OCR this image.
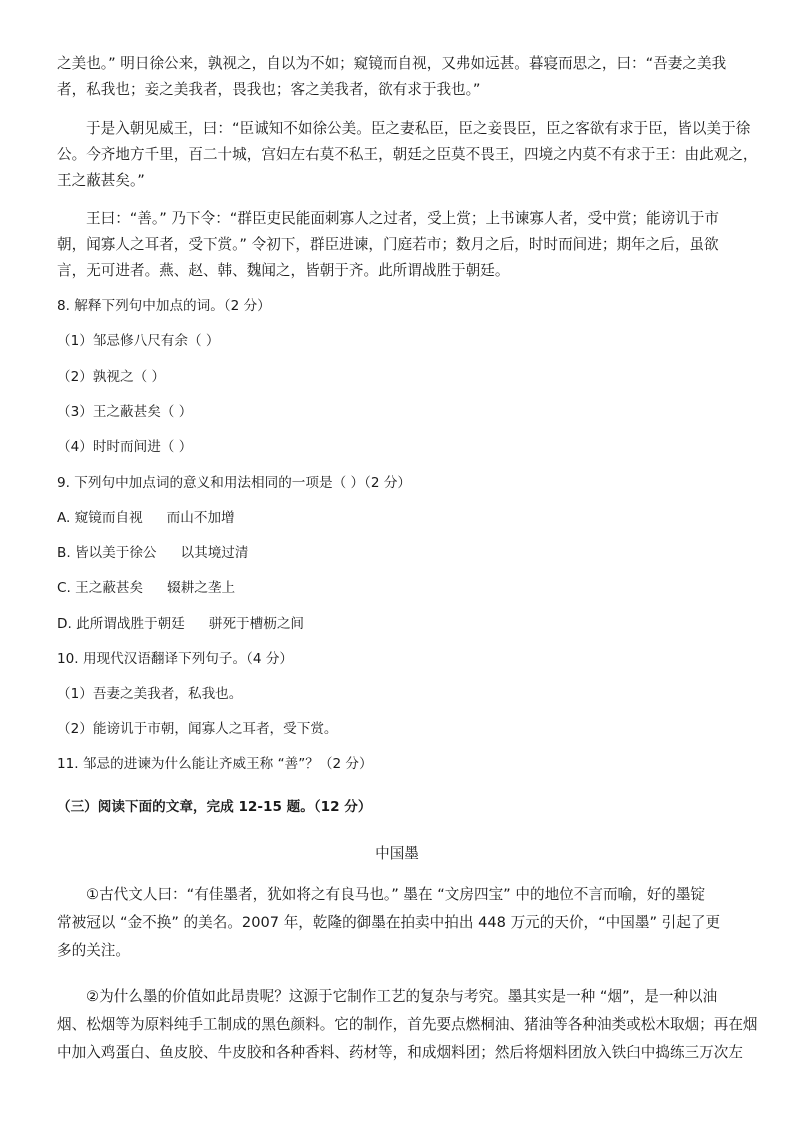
之美也。” 明日徐公来，孰视之，自以为不如；窥镜而自视，又弗如远甚。暮寝而思之，曰：“吾妻之美我
者，私我也；妾之美我者，畏我也；客之美我者，欲有求于我也。”
于是入朝见威王，曰：“臣诚知不如徐公美。臣之妻私臣，臣之妾畏臣，臣之客欲有求于臣，皆以美于徐
公。今齐地方千里，百二十城，宫妇左右莫不私王，朝廷之臣莫不畏王，四境之内莫不有求于王：由此观之，
王之蔽甚矣。”
王曰：“善。” 乃下令：“群臣吏民能面刺寡人之过者，受上赏；上书谏寡人者，受中赏；能谤讥于市
朝，闻寡人之耳者，受下赏。” 令初下，群臣进谏，门庭若市；数月之后，时时而间进；期年之后，虽欲
言，无可进者。燕、赵、韩、魏闻之，皆朝于齐。此所谓战胜于朝廷。
8. 解释下列句中加点的词。（2 分）
（1）邹忌修八尺有余（ ）
（2）孰视之（ ）
（3）王之蔽甚矣（ ）
（4）时时而间进（ ）
9. 下列句中加点词的意义和用法相同的一项是（ ）（2 分）
A. 窥镜而自视 而山不加增
B. 皆以美于徐公 以其境过清
C. 王之蔽甚矣 辍耕之垄上
D. 此所谓战胜于朝廷 骈死于槽枥之间
10. 用现代汉语翻译下列句子。（4 分）
（1）吾妻之美我者，私我也。
（2）能谤讥于市朝，闻寡人之耳者，受下赏。
11. 邹忌的进谏为什么能让齐威王称 “善”？（2 分）
（三）阅读下面的文章，完成 12-15 题。（12 分）
中国墨
①古代文人曰：“有佳墨者，犹如将之有良马也。” 墨在 “文房四宝” 中的地位不言而喻，好的墨锭
常被冠以 “金不换” 的美名。2007 年，乾隆的御墨在拍卖中拍出 448 万元的天价，“中国墨” 引起了更
多的关注。
②为什么墨的价值如此昂贵呢？这源于它制作工艺的复杂与考究。墨其实是一种 “烟”，是一种以油
烟、松烟等为原料纯手工制成的黑色颜料。它的制作，首先要点燃桐油、猪油等各种油类或松木取烟；再在烟
中加入鸡蛋白、鱼皮胶、牛皮胶和各种香料、药材等，和成烟料团；然后将烟料团放入铁臼中捣练三万次左
